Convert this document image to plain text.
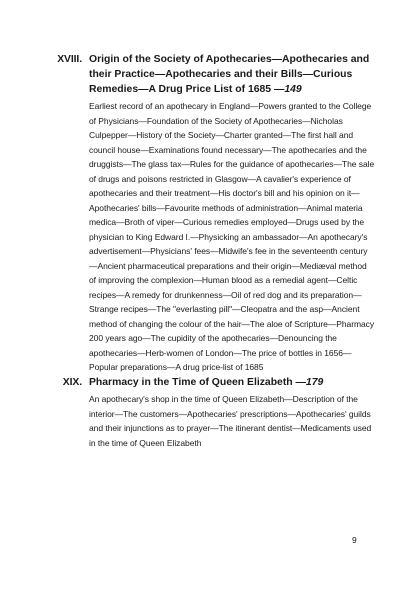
XVIII. Origin of the Society of Apothecaries—Apothecaries and their Practice—Apothecaries and their Bills—Curious Remedies—A Drug Price List of 1685 —149

Earliest record of an apothecary in England—Powers granted to the College of Physicians—Foundation of the Society of Apothecaries—Nicholas Culpepper—History of the Society—Charter granted—The first hall and council house—Examinations found necessary—The apothecaries and the druggists—The glass tax—Rules for the guidance of apothecaries—The sale of drugs and poisons restricted in Glasgow—A cavalier's experience of apothecaries and their treatment—His doctor's bill and his opinion on it—Apothecaries' bills—Favourite methods of administration—Animal materia medica—Broth of viper—Curious remedies employed—Drugs used by the physician to King Edward I.—Physicking an ambassador—An apothecary's advertisement—Physicians' fees—Midwife's fee in the seventeenth century—Ancient pharmaceutical preparations and their origin—Mediæval method of improving the complexion—Human blood as a remedial agent—Celtic recipes—A remedy for drunkenness—Oil of red dog and its preparation—Strange recipes—The "everlasting pill"—Cleopatra and the asp—Ancient method of changing the colour of the hair—The aloe of Scripture—Pharmacy 200 years ago—The cupidity of the apothecaries—Denouncing the apothecaries—Herb-women of London—The price of bottles in 1656—Popular preparations—A drug price-list of 1685

XIX. Pharmacy in the Time of Queen Elizabeth —179

An apothecary's shop in the time of Queen Elizabeth—Description of the interior—The customers—Apothecaries' prescriptions—Apothecaries' guilds and their injunctions as to prayer—The itinerant dentist—Medicaments used in the time of Queen Elizabeth

9
